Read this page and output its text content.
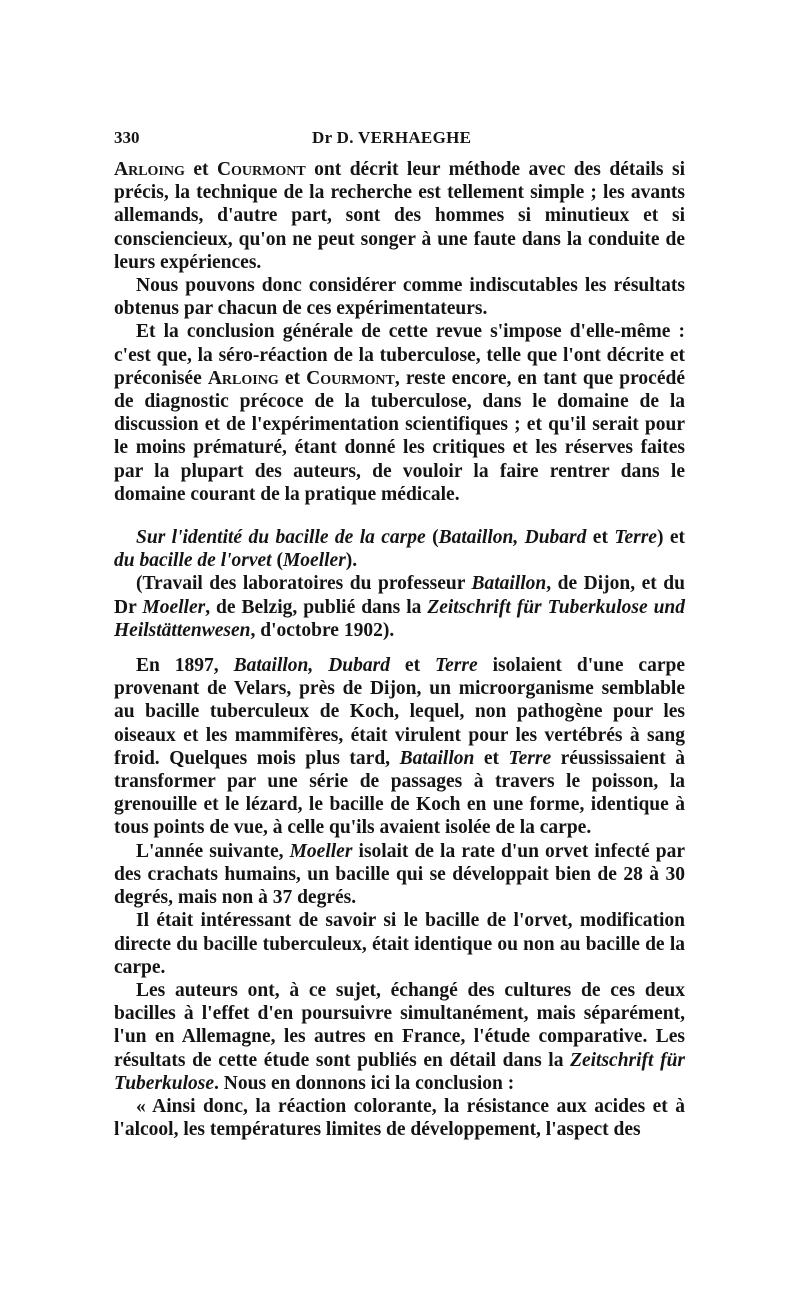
330	Dr D. VERHAEGHE

Arloing et Courmont ont décrit leur méthode avec des détails si précis, la technique de la recherche est tellement simple ; les avants allemands, d'autre part, sont des hommes si minutieux et si consciencieux, qu'on ne peut songer à une faute dans la conduite de leurs expériences.

Nous pouvons donc considérer comme indiscutables les résultats obtenus par chacun de ces expérimentateurs.

Et la conclusion générale de cette revue s'impose d'elle-même : c'est que, la séro-réaction de la tuberculose, telle que l'ont décrite et préconisée Arloing et Courmont, reste encore, en tant que procédé de diagnostic précoce de la tuberculose, dans le domaine de la discussion et de l'expérimentation scientifiques ; et qu'il serait pour le moins prématuré, étant donné les critiques et les réserves faites par la plupart des auteurs, de vouloir la faire rentrer dans le domaine courant de la pratique médicale.

Sur l'identité du bacille de la carpe (Bataillon, Dubard et Terre) et du bacille de l'orvet (Moeller).

(Travail des laboratoires du professeur Bataillon, de Dijon, et du Dr Moeller, de Belzig, publié dans la Zeitschrift für Tuberkulose und Heilstättenwesen, d'octobre 1902).

En 1897, Bataillon, Dubard et Terre isolaient d'une carpe provenant de Velars, près de Dijon, un microorganisme semblable au bacille tuberculeux de Koch, lequel, non pathogène pour les oiseaux et les mammifères, était virulent pour les vertébrés à sang froid. Quelques mois plus tard, Bataillon et Terre réussissaient à transformer par une série de passages à travers le poisson, la grenouille et le lézard, le bacille de Koch en une forme, identique à tous points de vue, à celle qu'ils avaient isolée de la carpe.

L'année suivante, Moeller isolait de la rate d'un orvet infecté par des crachats humains, un bacille qui se développait bien de 28 à 30 degrés, mais non à 37 degrés.

Il était intéressant de savoir si le bacille de l'orvet, modification directe du bacille tuberculeux, était identique ou non au bacille de la carpe.

Les auteurs ont, à ce sujet, échangé des cultures de ces deux bacilles à l'effet d'en poursuivre simultanément, mais séparément, l'un en Allemagne, les autres en France, l'étude comparative. Les résultats de cette étude sont publiés en détail dans la Zeitschrift für Tuberkulose. Nous en donnons ici la conclusion :

« Ainsi donc, la réaction colorante, la résistance aux acides et à l'alcool, les températures limites de développement, l'aspect des
